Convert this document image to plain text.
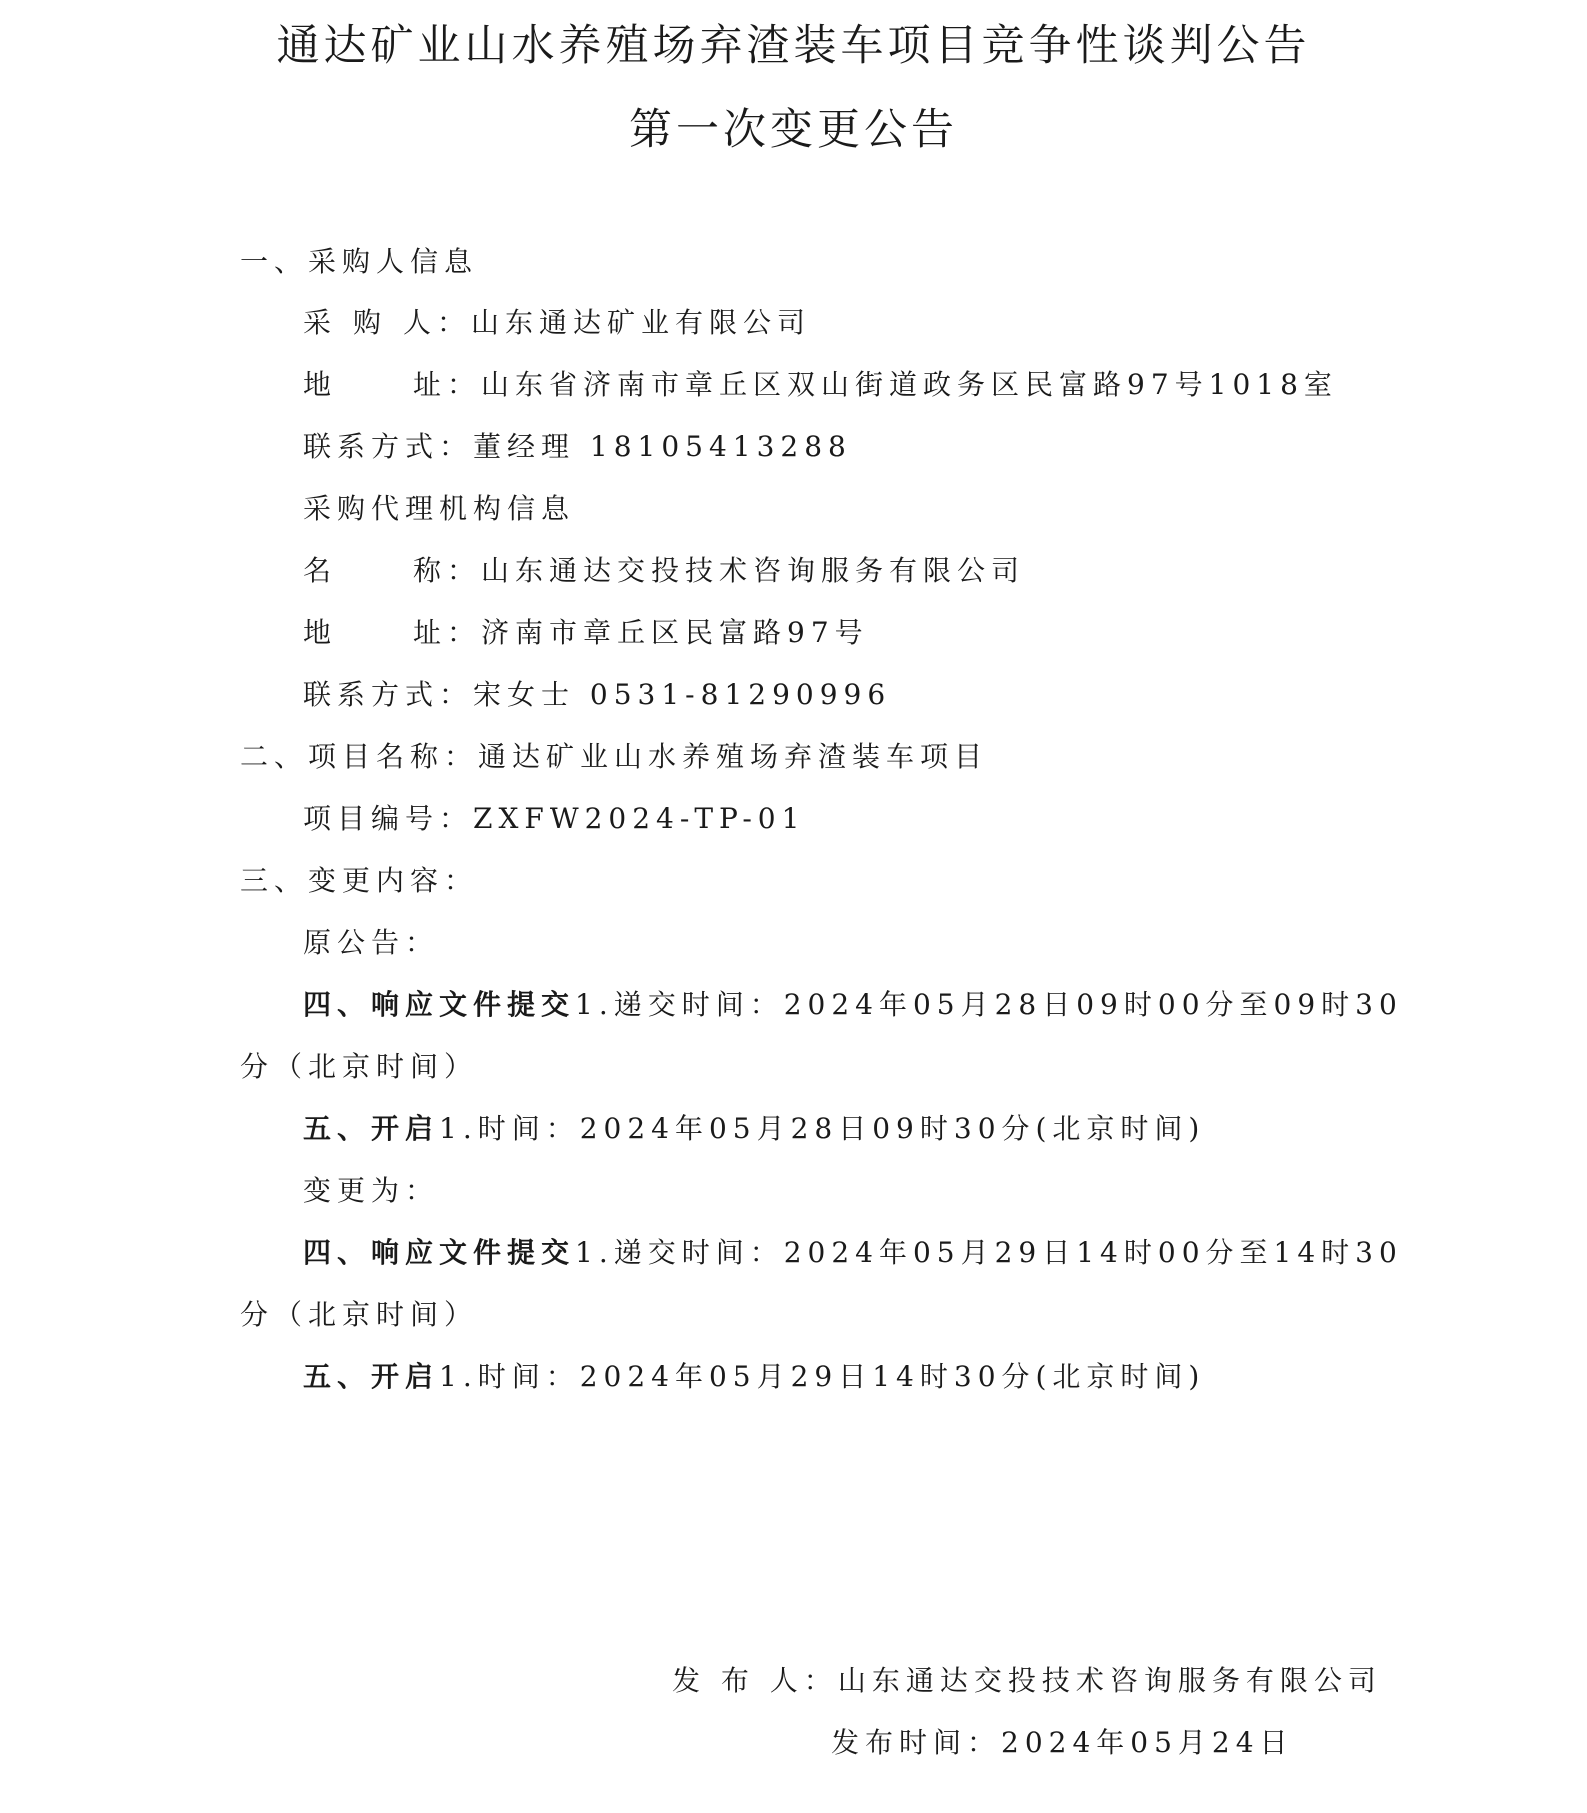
通达矿业山水养殖场弃渣装车项目竞争性谈判公告
第一次变更公告
一、采购人信息
采 购 人：山东通达矿业有限公司
地	址：山东省济南市章丘区双山街道政务区民富路97号1018室
联系方式：董经理 18105413288
采购代理机构信息
名	称：山东通达交投技术咨询服务有限公司
地	址：济南市章丘区民富路97号
联系方式：宋女士 0531-81290996
二、项目名称：通达矿业山水养殖场弃渣装车项目
项目编号：ZXFW2024-TP-01
三、变更内容：
原公告：
四、响应文件提交1.递交时间：2024年05月28日09时00分至09时30
分（北京时间）
五、开启1.时间：2024年05月28日09时30分(北京时间)
变更为：
四、响应文件提交1.递交时间：2024年05月29日14时00分至14时30
分（北京时间）
五、开启1.时间：2024年05月29日14时30分(北京时间)
发 布 人：山东通达交投技术咨询服务有限公司
发布时间：2024年05月24日
